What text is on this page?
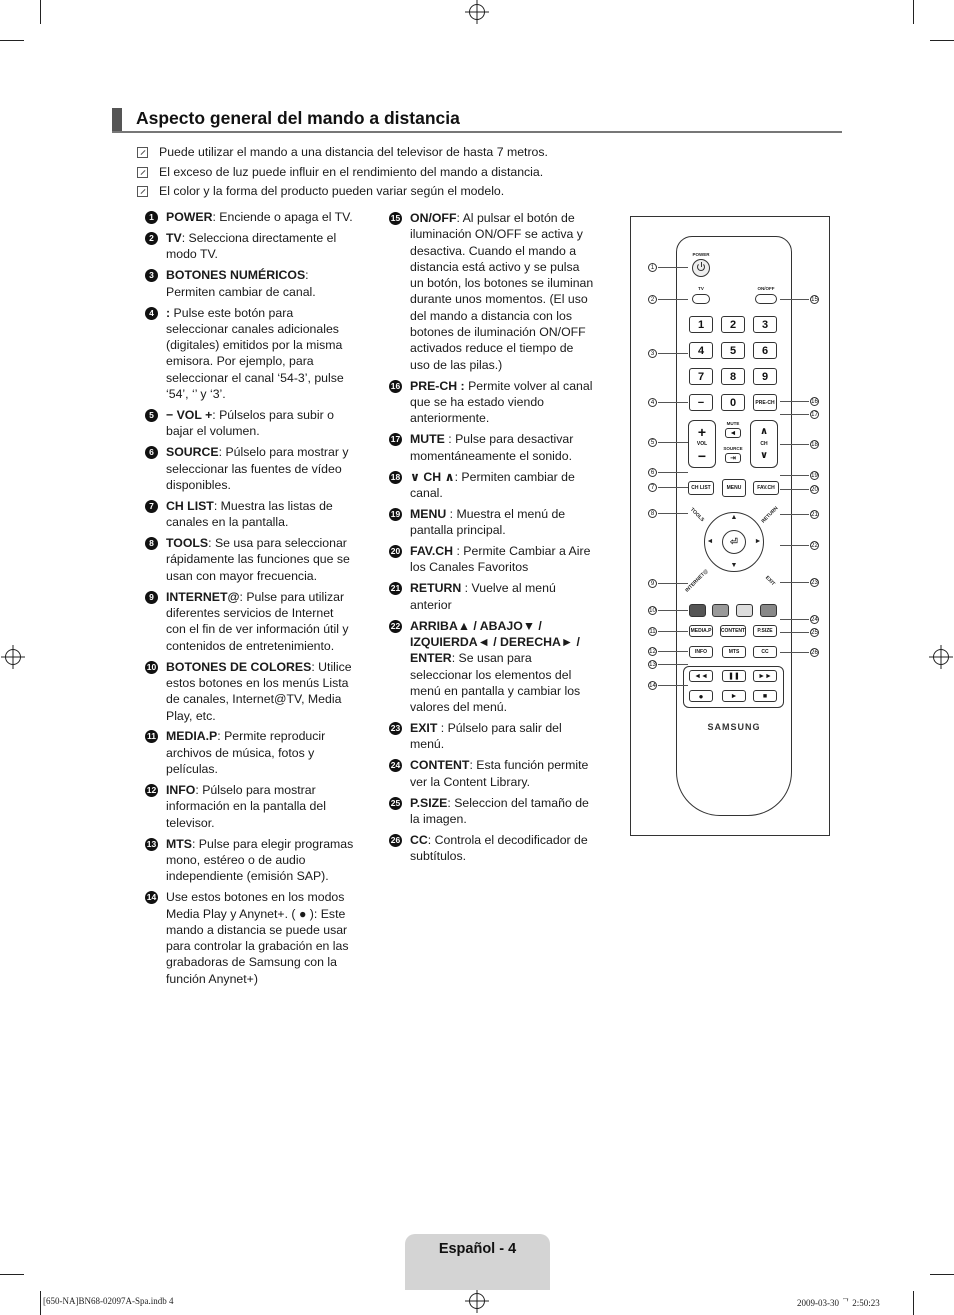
Aspecto general del mando a distancia
Puede utilizar el mando a una distancia del televisor de hasta 7 metros.
El exceso de luz puede influir en el rendimiento del mando a distancia.
El color y la forma del producto pueden variar según el modelo.
1 POWER: Enciende o apaga el TV.
2 TV: Selecciona directamente el modo TV.
3 BOTONES NUMÉRICOS: Permiten cambiar de canal.
4 : Pulse este botón para seleccionar canales adicionales (digitales) emitidos por la misma emisora. Por ejemplo, para seleccionar el canal ‘54-3’, pulse ‘54’, ‘’ y ‘3’.
5 − VOL +: Púlselos para subir o bajar el volumen.
6 SOURCE: Púlselo para mostrar y seleccionar las fuentes de vídeo disponibles.
7 CH LIST: Muestra las listas de canales en la pantalla.
8 TOOLS: Se usa para seleccionar rápidamente las funciones que se usan con mayor frecuencia.
9 INTERNET@: Pulse para utilizar diferentes servicios de Internet con el fin de ver información útil y contenidos de entretenimiento.
10 BOTONES DE COLORES: Utilice estos botones en los menús Lista de canales, Internet@TV, Media Play, etc.
11 MEDIA.P: Permite reproducir archivos de música, fotos y películas.
12 INFO: Púlselo para mostrar información en la pantalla del televisor.
13 MTS: Pulse para elegir programas mono, estéreo o de audio independiente (emisión SAP).
14 Use estos botones en los modos Media Play y Anynet+. ( ● ): Este mando a distancia se puede usar para controlar la grabación en las grabadoras de Samsung con la función Anynet+)
15 ON/OFF: Al pulsar el botón de iluminación ON/OFF se activa y desactiva. Cuando el mando a distancia está activo y se pulsa un botón, los botones se iluminan durante unos momentos. (El uso del mando a distancia con los botones de iluminación ON/OFF activados reduce el tiempo de uso de las pilas.)
16 PRE-CH : Permite volver al canal que se ha estado viendo anteriormente.
17 MUTE : Pulse para desactivar momentáneamente el sonido.
18 ∨ CH ∧: Permiten cambiar de canal.
19 MENU : Muestra el menú de pantalla principal.
20 FAV.CH : Permite Cambiar a Aire los Canales Favoritos
21 RETURN : Vuelve al menú anterior
22 ARRIBA▲ / ABAJO▼ / IZQUIERDA◄ / DERECHA► / ENTER: Se usan para seleccionar los elementos del menú en pantalla y cambiar los valores del menú.
23 EXIT : Púlselo para salir del menú.
24 CONTENT: Esta función permite ver la Content Library.
25 P.SIZE: Seleccion del tamaño de la imagen.
26 CC: Controla el decodificador de subtítulos.
POWER
TV	ON/OFF
1	2	3
4	5	6
7	8	9
−	0	PRE-CH
+
VOL
−
MUTE
◄
SOURCE
⇥
∧
CH
∨
CH LIST	MENU	FAV.CH
⏎
▲
▼
◄	►
TOOLS	RETURN
INTERNET@	EXIT
MEDIA.P	CONTENT	P.SIZE
INFO	MTS	CC
◄◄	❚❚	►►
●	►	■
SAMSUNG
1
2
3
4
5
6
7
8
9
10
11
12
13
14
15
16
17
18
19
20
21
22
23
24
25
26
Español - 4
[650-NA]BN68-02097A-Spa.indb 4	2009-03-30 ᄀ 2:50:23
